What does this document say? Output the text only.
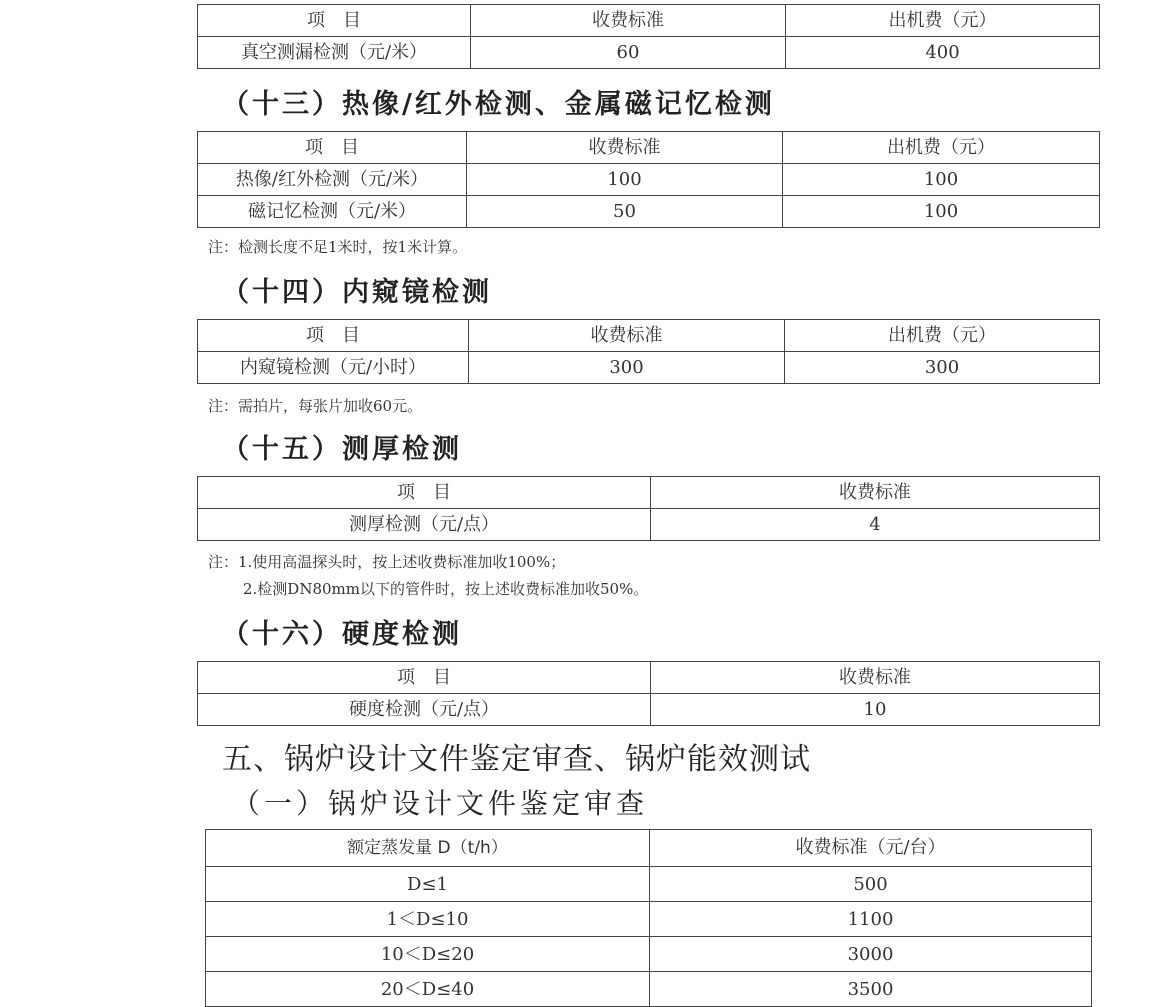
项　目	收费标准	出机费（元）
真空测漏检测（元/米）	60	400
（十三）热像/红外检测、金属磁记忆检测
项　目	收费标准	出机费（元）
热像/红外检测（元/米）	100	100
磁记忆检测（元/米）	50	100

注：检测长度不足1米时，按1米计算。

（十四）内窥镜检测
项　目	收费标准	出机费（元）
内窥镜检测（元/小时）	300	300

注：需拍片，每张片加收60元。

（十五）测厚检测
项　目	收费标准
测厚检测（元/点）	4

注：1.使用高温探头时，按上述收费标准加收100%；

2.检测DN80mm以下的管件时，按上述收费标准加收50%。

（十六）硬度检测
项　目	收费标准
硬度检测（元/点）	10
五、锅炉设计文件鉴定审查、锅炉能效测试
（一）锅炉设计文件鉴定审查
额定蒸发量 D（t/h）	收费标准（元/台）
D≤1	500
1＜D≤10	1100
10＜D≤20	3000
20＜D≤40	3500
